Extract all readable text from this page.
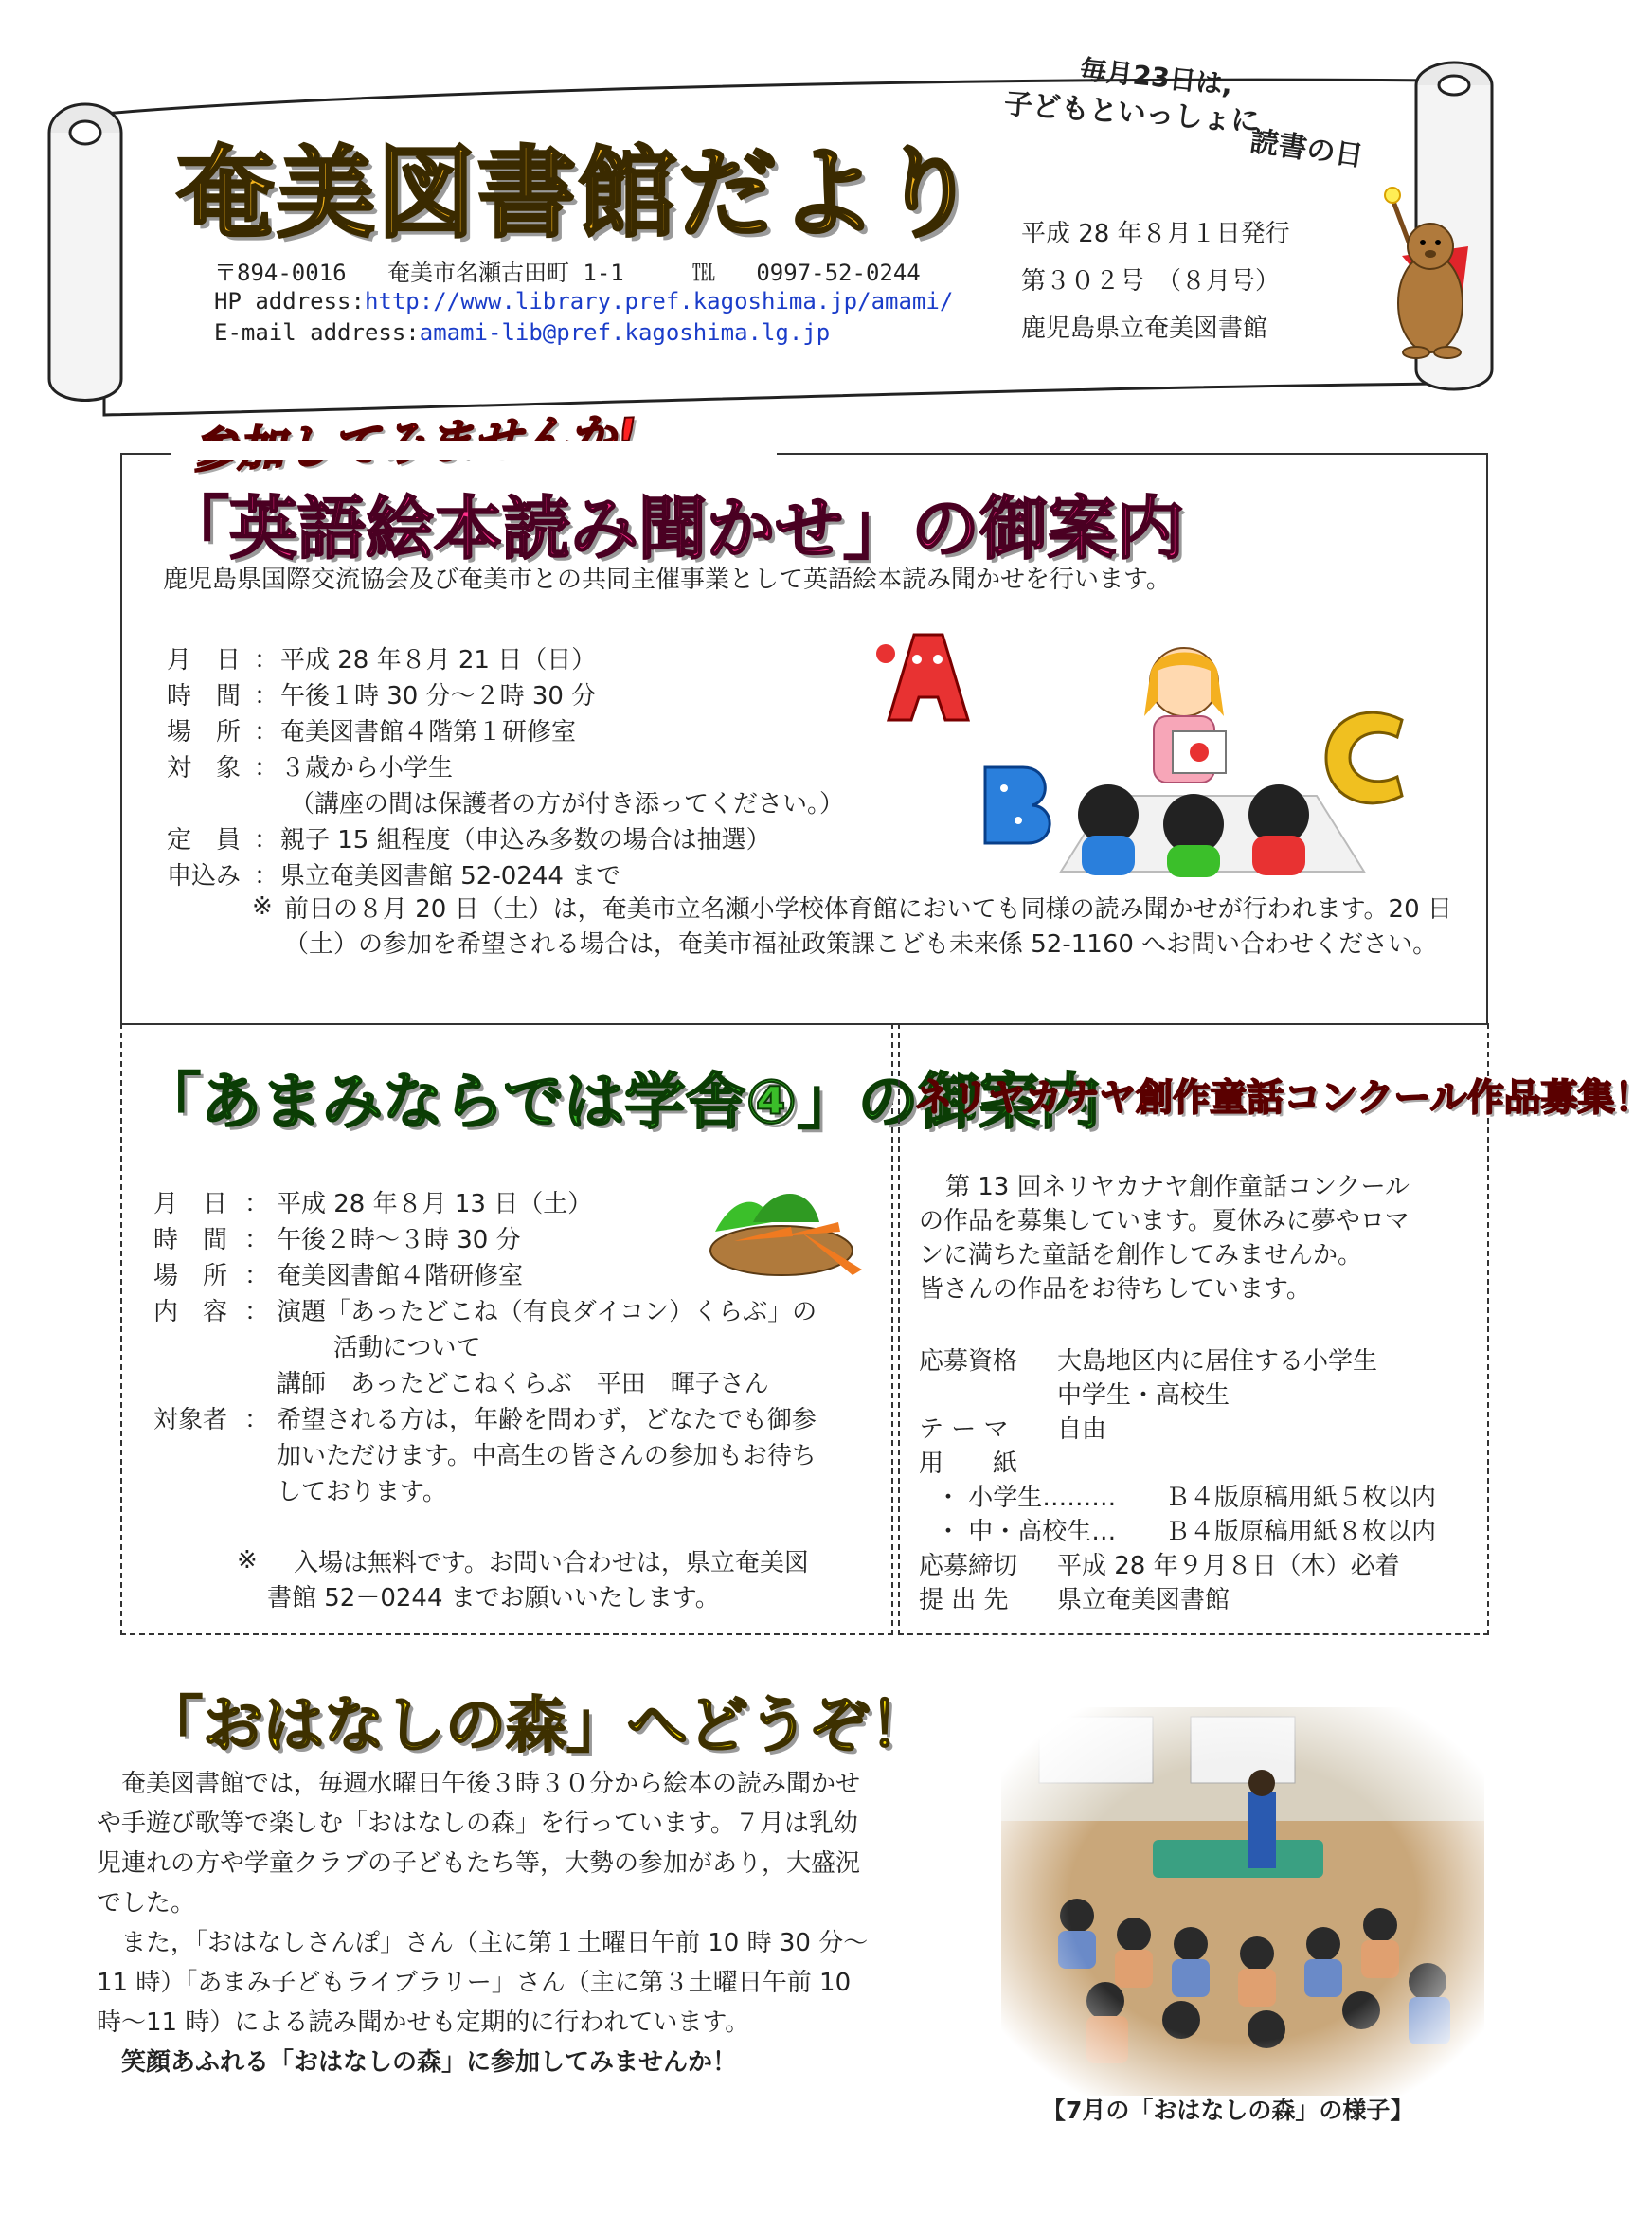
奄美図書館だより
毎月23日は,
子どもといっしょに
読書の日
〒894-0016 奄美市名瀬古田町 1-1	℡ 0997-52-0244
HP address:http://www.library.pref.kagoshima.jp/amami/
E-mail address:amami-lib@pref.kagoshima.lg.jp
平成 28 年８月１日発行
第３０２号　（８月号）
鹿児島県立奄美図書館
「英語絵本読み聞かせ」の御案内
鹿児島県国際交流協会及び奄美市との共同主催事業として英語絵本読み聞かせを行います。
月　日 ： 平成 28 年８月 21 日（日）
時　間 ： 午後１時 30 分～２時 30 分
場　所 ： 奄美図書館４階第１研修室
対　象 ： ３歳から小学生
（講座の間は保護者の方が付き添ってください。）
定　員 ： 親子 15 組程度（申込み多数の場合は抽選）
申込み ： 県立奄美図書館 52-0244 まで
※ 前日の８月 20 日（土）は，奄美市立名瀬小学校体育館においても同様の読み聞かせが行われます。20 日（土）の参加を希望される場合は，奄美市福祉政策課こども未来係 52-1160 へお問い合わせください。
「あまみならでは学舎④」の御案内
月　日 ： 平成 28 年８月 13 日（土）
時　間 ： 午後２時～３時 30 分
場　所 ： 奄美図書館４階研修室
内　容 ： 演題「あったどこね（有良ダイコン）くらぶ」の
活動について
講師　あったどこねくらぶ　平田　暉子さん
対象者 ： 希望される方は，年齢を問わず，どなたでも御参
加いただけます。中高生の皆さんの参加もお待ち
しております。
※ 入場は無料です。お問い合わせは，県立奄美図
書館 52－0244 までお願いいたします。
ネリヤカナヤ創作童話コンクール作品募集！
第 13 回ネリヤカナヤ創作童話コンクール
の作品を募集しています。夏休みに夢やロマ
ンに満ちた童話を創作してみませんか。
皆さんの作品をお待ちしています。
応募資格 大島地区内に居住する小学生
中学生・高校生
テ ー マ 自由
用　　紙
・ 小学生……… Ｂ４版原稿用紙５枚以内
・ 中・高校生… Ｂ４版原稿用紙８枚以内
応募締切 平成 28 年９月８日（木）必着
提 出 先 県立奄美図書館
「おはなしの森」へどうぞ！
　奄美図書館では，毎週水曜日午後３時３０分から絵本の読み聞かせ
や手遊び歌等で楽しむ「おはなしの森」を行っています。７月は乳幼
児連れの方や学童クラブの子どもたち等，大勢の参加があり，大盛況
でした。
　また，「おはなしさんぽ」さん（主に第１土曜日午前 10 時 30 分～
11 時）「あまみ子どもライブラリー」さん（主に第３土曜日午前 10
時～11 時）による読み聞かせも定期的に行われています。
　笑顔あふれる「おはなしの森」に参加してみませんか！
【7月の「おはなしの森」の様子】
